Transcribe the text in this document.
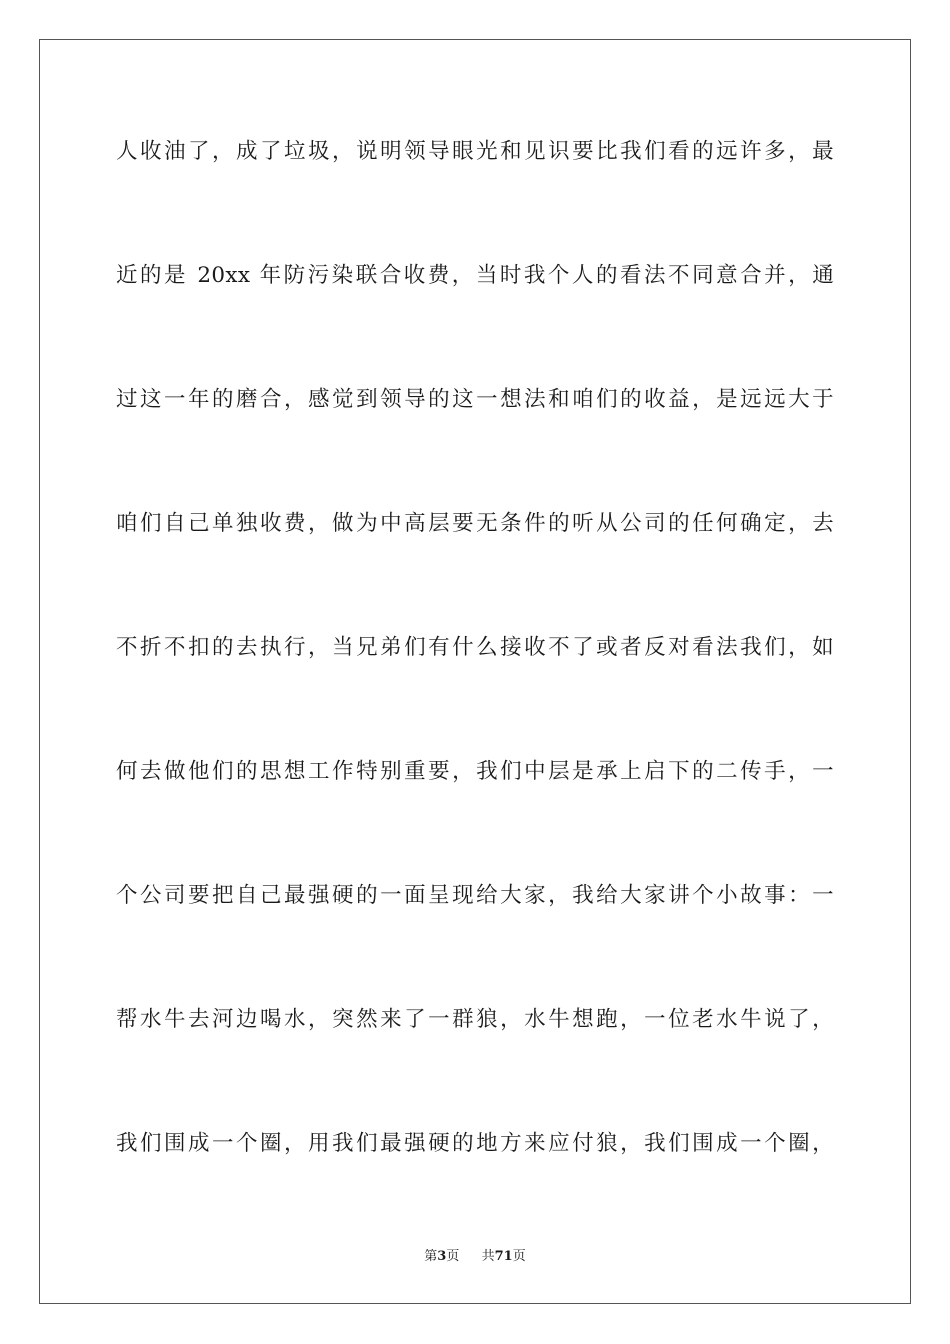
人收油了，成了垃圾，说明领导眼光和见识要比我们看的远许多，最
近的是 20xx 年防污染联合收费，当时我个人的看法不同意合并，通
过这一年的磨合，感觉到领导的这一想法和咱们的收益，是远远大于
咱们自己单独收费，做为中高层要无条件的听从公司的任何确定，去
不折不扣的去执行，当兄弟们有什么接收不了或者反对看法我们，如
何去做他们的思想工作特别重要，我们中层是承上启下的二传手，一
个公司要把自己最强硬的一面呈现给大家，我给大家讲个小故事：一
帮水牛去河边喝水，突然来了一群狼，水牛想跑，一位老水牛说了，
我们围成一个圈，用我们最强硬的地方来应付狼，我们围成一个圈，
第3页 共71页
